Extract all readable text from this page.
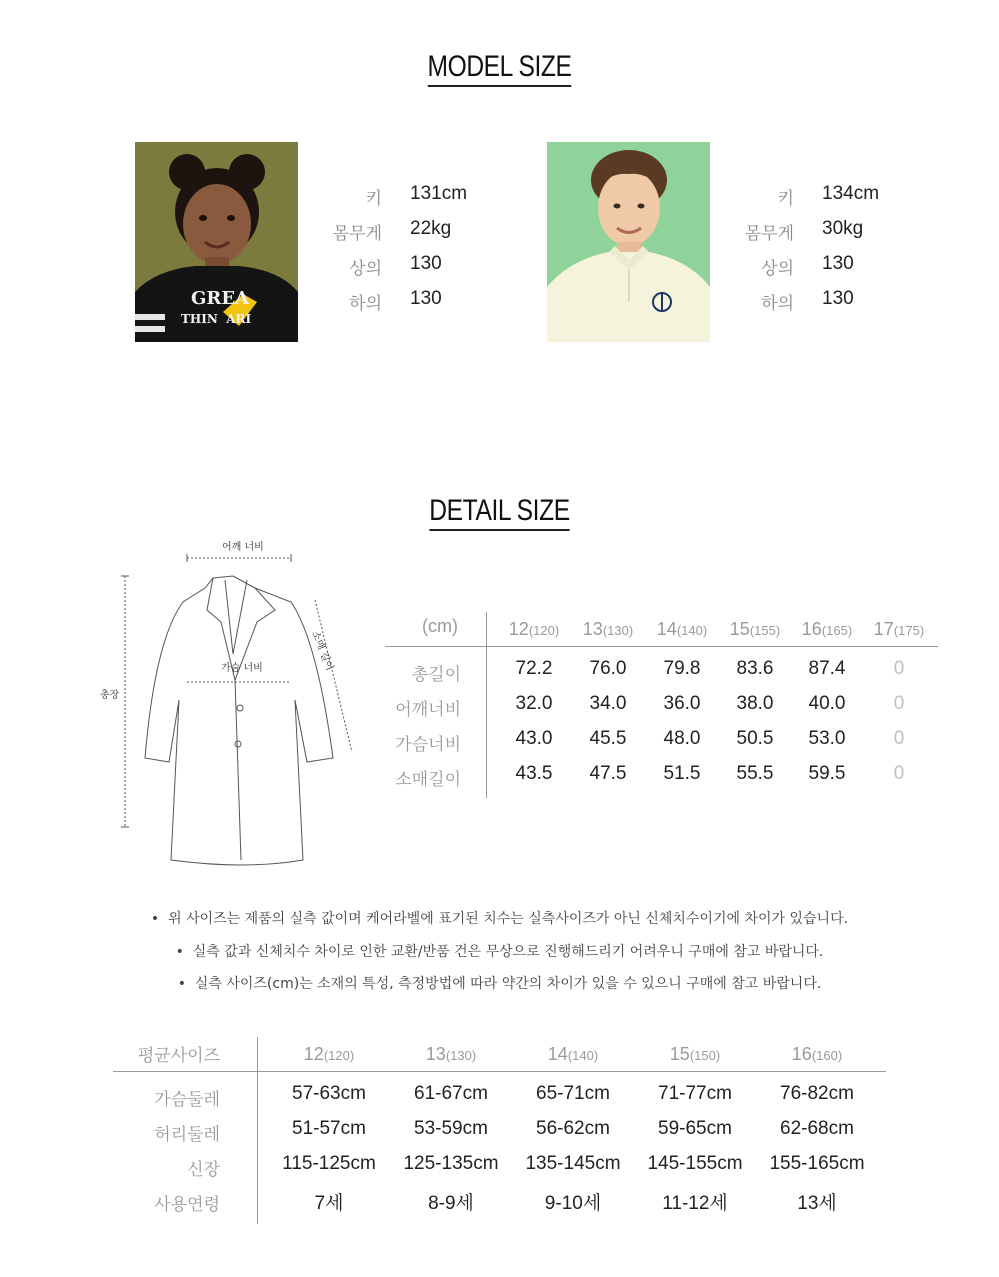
MODEL SIZE
GREA
THIN  ARI
키 131cm
몸무게 22kg
상의 130
하의 130
키 134cm
몸무게 30kg
상의 130
하의 130
DETAIL SIZE
어깨 너비
소매 길이
가슴 너비
총장
(cm)	12(120)	13(130)	14(140)	15(155)	16(165)	17(175)
총길이	72.2	76.0	79.8	83.6	87.4	0
어깨너비	32.0	34.0	36.0	38.0	40.0	0
가슴너비	43.0	45.5	48.0	50.5	53.0	0
소매길이	43.5	47.5	51.5	55.5	59.5	0
•  위 사이즈는 제품의 실측 값이며 케어라벨에 표기된 치수는 실측사이즈가 아닌 신체치수이기에 차이가 있습니다.
•  실측 값과 신체치수 차이로 인한 교환/반품 건은 무상으로 진행해드리기 어려우니 구매에 참고 바랍니다.
•  실측 사이즈(cm)는 소재의 특성, 측정방법에 따라 약간의 차이가 있을 수 있으니 구매에 참고 바랍니다.
평균사이즈	12(120)	13(130)	14(140)	15(150)	16(160)
가슴둘레	57-63cm	61-67cm	65-71cm	71-77cm	76-82cm
허리둘레	51-57cm	53-59cm	56-62cm	59-65cm	62-68cm
신장	115-125cm	125-135cm	135-145cm	145-155cm	155-165cm
사용연령	7세	8-9세	9-10세	11-12세	13세
